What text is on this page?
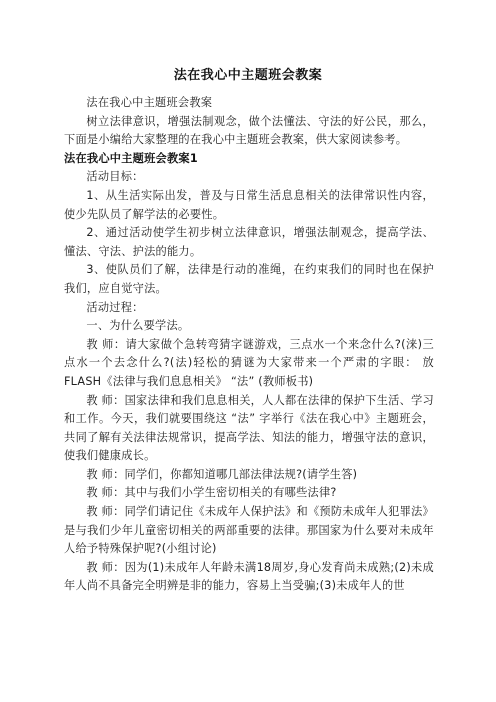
法在我心中主题班会教案

法在我心中主题班会教案

树立法律意识，增强法制观念，做个法懂法、守法的好公民，那么，下面是小编给大家整理的在我心中主题班会教案，供大家阅读参考。

法在我心中主题班会教案1

活动目标：

1、从生活实际出发，普及与日常生活息息相关的法律常识性内容，使少先队员了解学法的必要性。

2、通过活动使学生初步树立法律意识，增强法制观念，提高学法、懂法、守法、护法的能力。

3、使队员们了解，法律是行动的准绳，在约束我们的同时也在保护我们，应自觉守法。

活动过程：

一、为什么要学法。

教 师：请大家做个急转弯猜字谜游戏，三点水一个来念什么?(涞)三点水一个去念什么?(法)轻松的猜谜为大家带来一个严肃的字眼： 放FLASH《法律与我们息息相关》 “法” (教师板书)

教 师：国家法律和我们息息相关，人人都在法律的保护下生活、学习和工作。今天，我们就要围绕这 “法” 字举行《法在我心中》主题班会，共同了解有关法律法规常识，提高学法、知法的能力，增强守法的意识，使我们健康成长。

教 师：同学们，你都知道哪几部法律法规?(请学生答)

教 师：其中与我们小学生密切相关的有哪些法律?

教 师：同学们请记住《未成年人保护法》和《预防未成年人犯罪法》是与我们少年儿童密切相关的两部重要的法律。那国家为什么要对未成年人给予特殊保护呢?(小组讨论)

教 师：因为(1)未成年人年龄未满18周岁,身心发育尚未成熟;(2)未成年人尚不具备完全明辨是非的能力，容易上当受骗;(3)未成年人的世
